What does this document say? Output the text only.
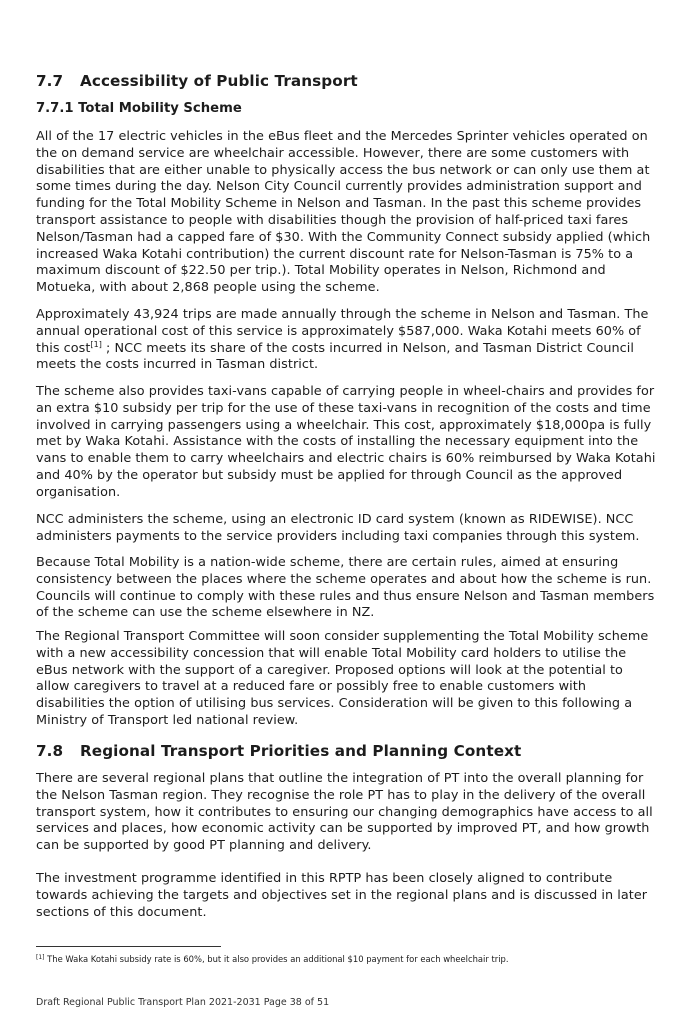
7.7 Accessibility of Public Transport
7.7.1 Total Mobility Scheme

All of the 17 electric vehicles in the eBus fleet and the Mercedes Sprinter vehicles operated on the on demand service are wheelchair accessible. However, there are some customers with disabilities that are either unable to physically access the bus network or can only use them at some times during the day. Nelson City Council currently provides administration support and funding for the Total Mobility Scheme in Nelson and Tasman. In the past this scheme provides transport assistance to people with disabilities though the provision of half-priced taxi fares Nelson/Tasman had a capped fare of $30. With the Community Connect subsidy applied (which increased Waka Kotahi contribution) the current discount rate for Nelson-Tasman is 75% to a maximum discount of $22.50 per trip.). Total Mobility operates in Nelson, Richmond and Motueka, with about 2,868 people using the scheme.

Approximately 43,924 trips are made annually through the scheme in Nelson and Tasman. The annual operational cost of this service is approximately $587,000. Waka Kotahi meets 60% of this cost[1] ; NCC meets its share of the costs incurred in Nelson, and Tasman District Council meets the costs incurred in Tasman district.

The scheme also provides taxi-vans capable of carrying people in wheel-chairs and provides for an extra $10 subsidy per trip for the use of these taxi-vans in recognition of the costs and time involved in carrying passengers using a wheelchair. This cost, approximately $18,000pa is fully met by Waka Kotahi. Assistance with the costs of installing the necessary equipment into the vans to enable them to carry wheelchairs and electric chairs is 60% reimbursed by Waka Kotahi and 40% by the operator but subsidy must be applied for through Council as the approved organisation.

NCC administers the scheme, using an electronic ID card system (known as RIDEWISE). NCC administers payments to the service providers including taxi companies through this system.

Because Total Mobility is a nation-wide scheme, there are certain rules, aimed at ensuring consistency between the places where the scheme operates and about how the scheme is run. Councils will continue to comply with these rules and thus ensure Nelson and Tasman members of the scheme can use the scheme elsewhere in NZ.

The Regional Transport Committee will soon consider supplementing the Total Mobility scheme with a new accessibility concession that will enable Total Mobility card holders to utilise the eBus network with the support of a caregiver. Proposed options will look at the potential to allow caregivers to travel at a reduced fare or possibly free to enable customers with disabilities the option of utilising bus services. Consideration will be given to this following a Ministry of Transport led national review.

7.8 Regional Transport Priorities and Planning Context

There are several regional plans that outline the integration of PT into the overall planning for the Nelson Tasman region. They recognise the role PT has to play in the delivery of the overall transport system, how it contributes to ensuring our changing demographics have access to all services and places, how economic activity can be supported by improved PT, and how growth can be supported by good PT planning and delivery.

The investment programme identified in this RPTP has been closely aligned to contribute towards achieving the targets and objectives set in the regional plans and is discussed in later sections of this document.

[1] The Waka Kotahi subsidy rate is 60%, but it also provides an additional $10 payment for each wheelchair trip.

Draft Regional Public Transport Plan 2021-2031 Page 38 of 51
